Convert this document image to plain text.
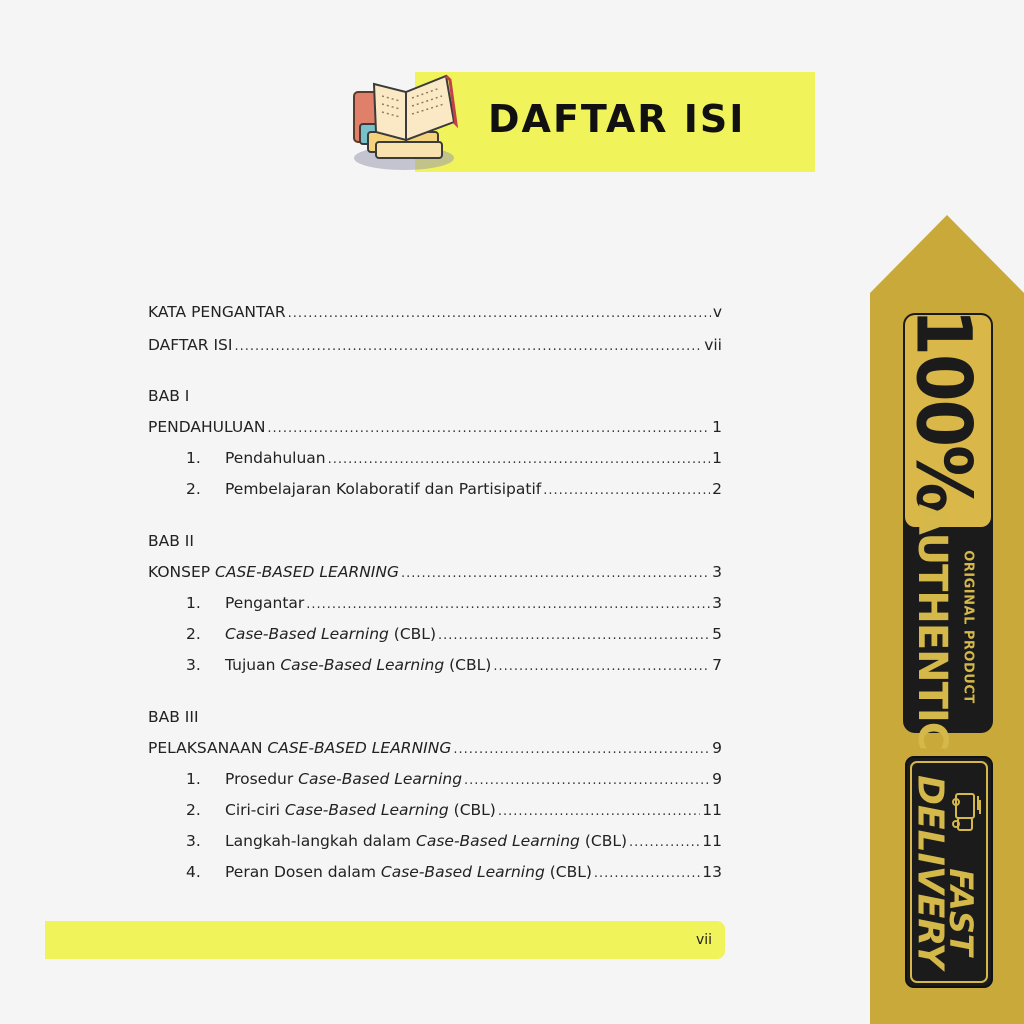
DAFTAR ISI
KATA PENGANTAR .....	v
DAFTAR ISI .....	vii
BAB I
PENDAHULUAN .....	1
1.	Pendahuluan .....	1
2.	Pembelajaran Kolaboratif dan Partisipatif .....	2
BAB II
KONSEP CASE-BASED LEARNING .....	3
1.	Pengantar .....	3
2.	Case-Based Learning (CBL) .....	5
3.	Tujuan Case-Based Learning (CBL) .....	7
BAB III
PELAKSANAAN CASE-BASED LEARNING .....	9
1.	Prosedur Case-Based Learning .....	9
2.	Ciri-ciri Case-Based Learning (CBL) .....	11
3.	Langkah-langkah dalam Case-Based Learning (CBL) .....	11
4.	Peran Dosen dalam Case-Based Learning (CBL) .....	13
vii
100%
AUTHENTIC ORIGINAL PRODUCT
FAST
DELIVERY
